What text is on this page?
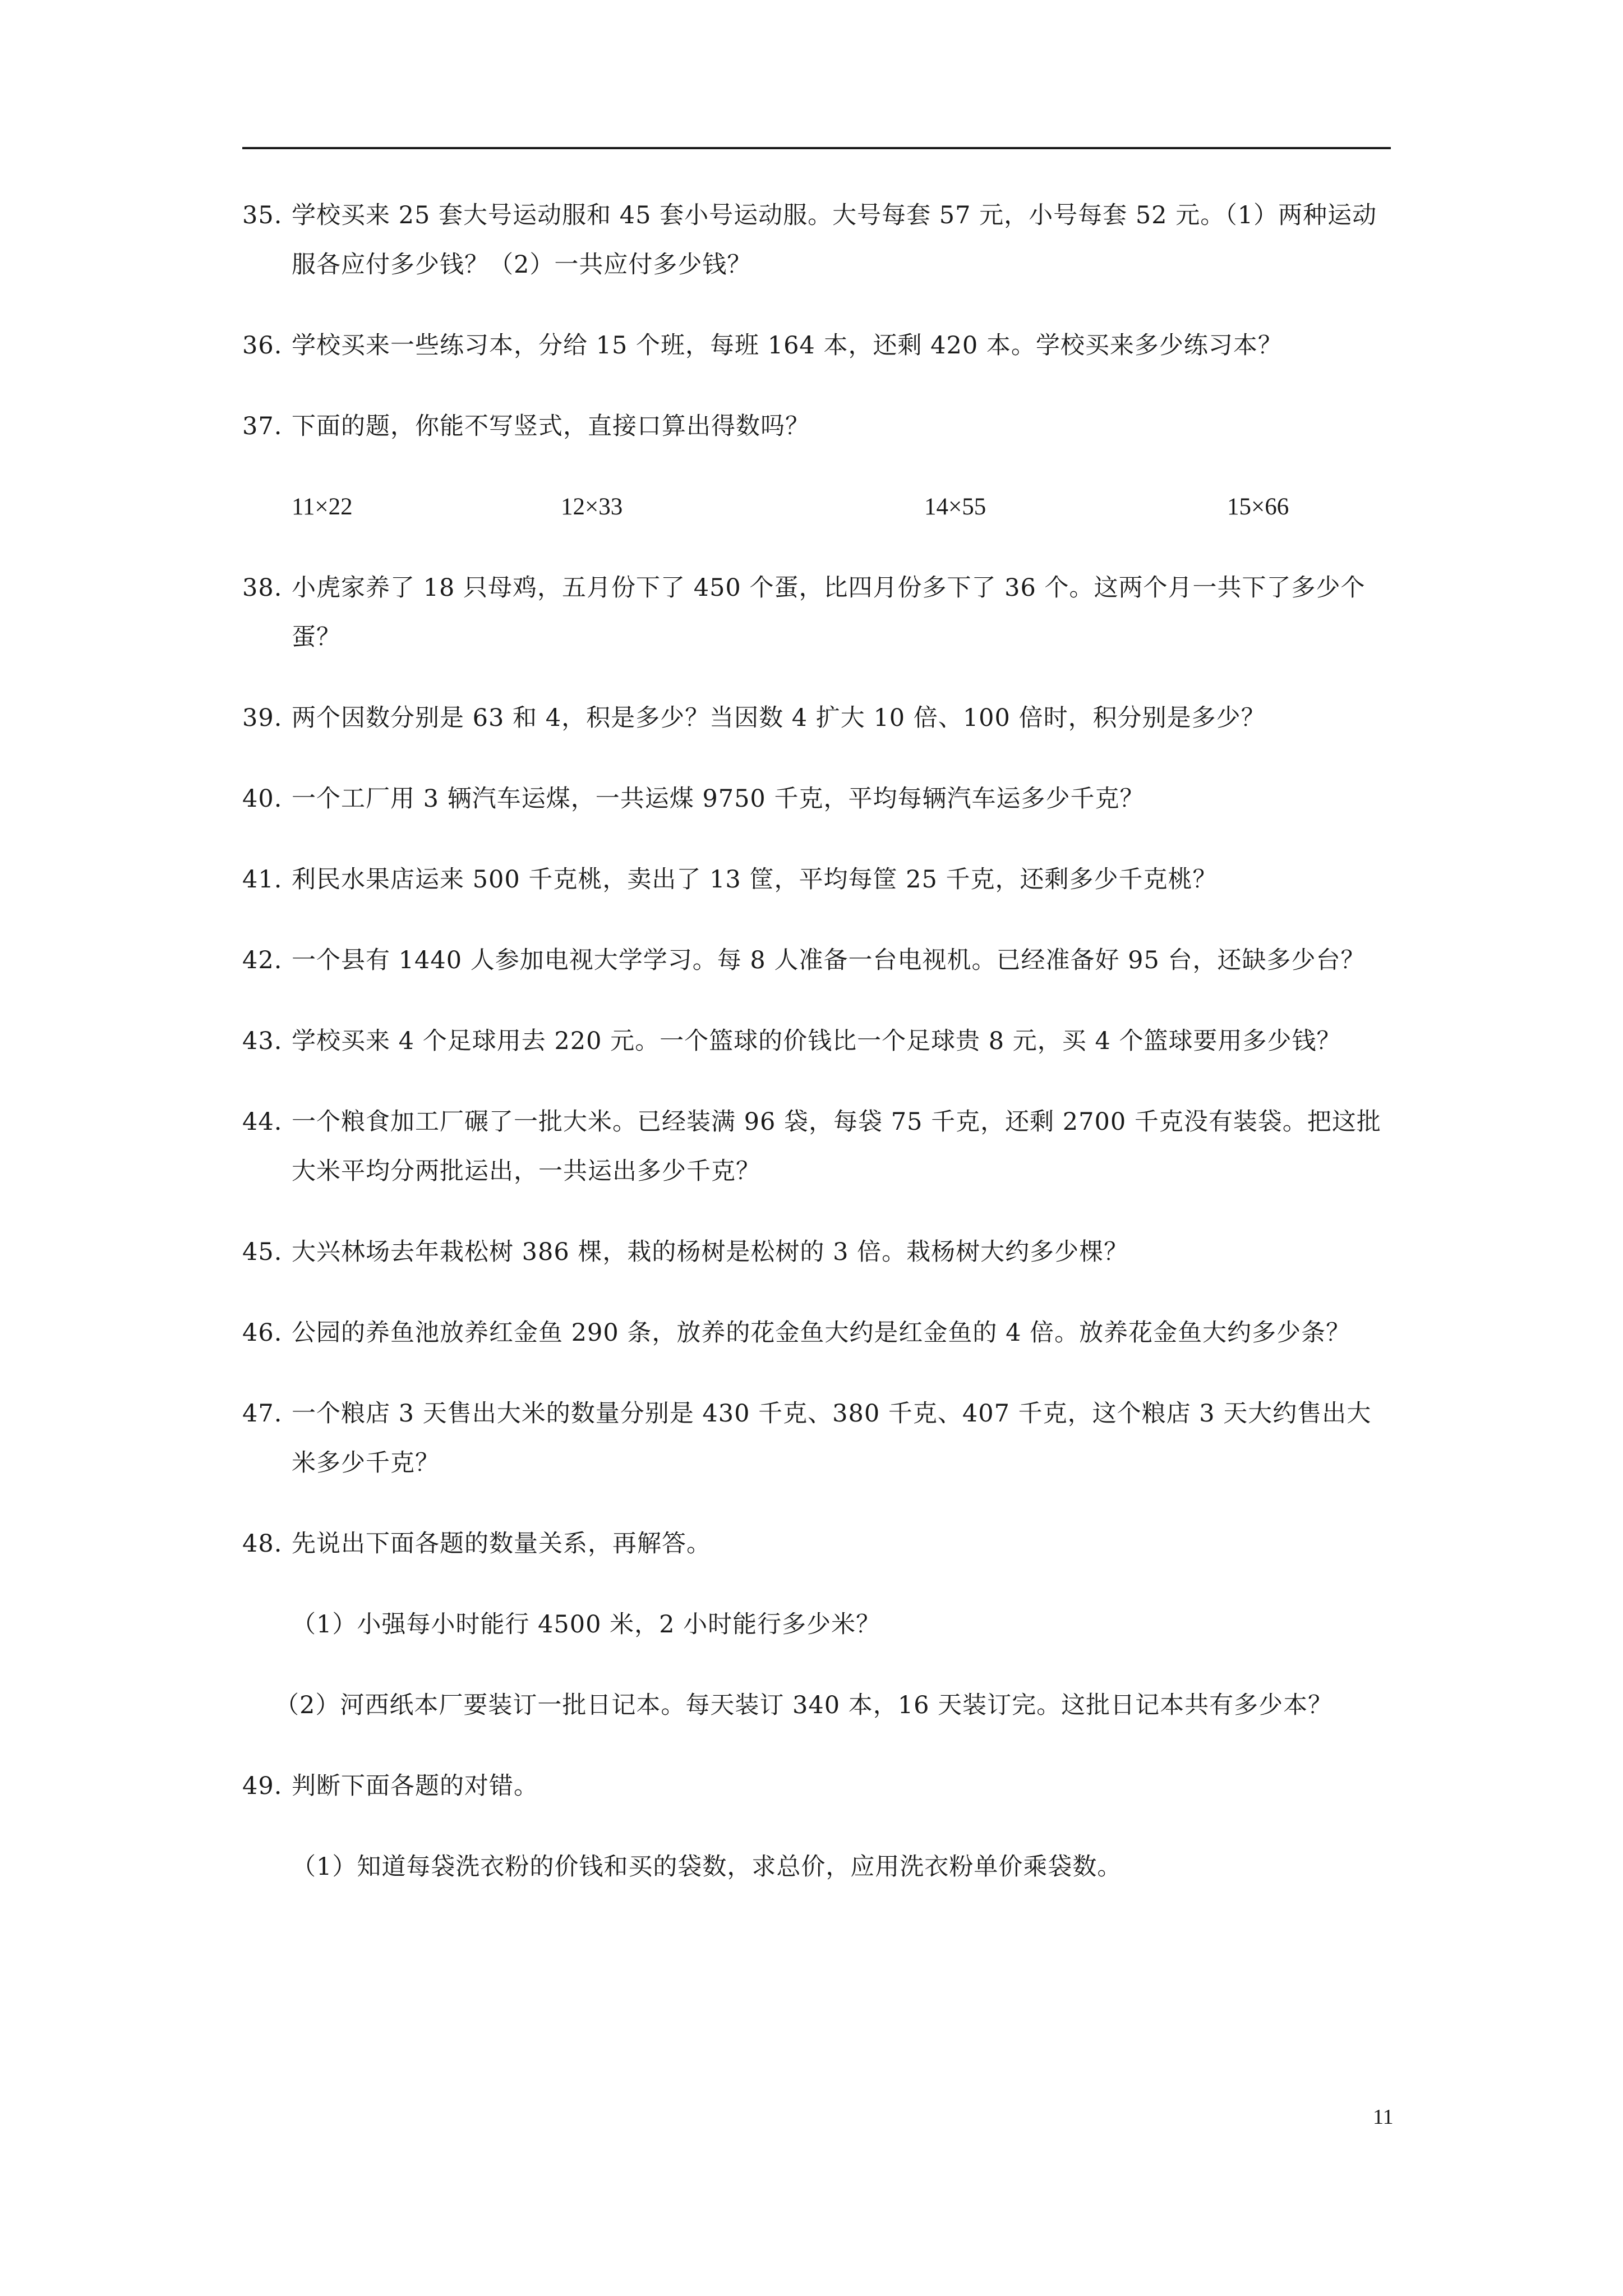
35. 学校买来 25 套大号运动服和 45 套小号运动服。大号每套 57 元，小号每套 52 元。（1）两种运动服各应付多少钱？（2）一共应付多少钱？
36. 学校买来一些练习本，分给 15 个班，每班 164 本，还剩 420 本。学校买来多少练习本？
37. 下面的题，你能不写竖式，直接口算出得数吗？
11×22	12×33	14×55	15×66
38. 小虎家养了 18 只母鸡，五月份下了 450 个蛋，比四月份多下了 36 个。这两个月一共下了多少个蛋？
39. 两个因数分别是 63 和 4，积是多少？当因数 4 扩大 10 倍、100 倍时，积分别是多少？
40. 一个工厂用 3 辆汽车运煤，一共运煤 9750 千克，平均每辆汽车运多少千克？
41. 利民水果店运来 500 千克桃，卖出了 13 筐，平均每筐 25 千克，还剩多少千克桃？
42. 一个县有 1440 人参加电视大学学习。每 8 人准备一台电视机。已经准备好 95 台，还缺多少台？
43. 学校买来 4 个足球用去 220 元。一个篮球的价钱比一个足球贵 8 元，买 4 个篮球要用多少钱？
44. 一个粮食加工厂碾了一批大米。已经装满 96 袋，每袋 75 千克，还剩 2700 千克没有装袋。把这批大米平均分两批运出，一共运出多少千克？
45. 大兴林场去年栽松树 386 棵，栽的杨树是松树的 3 倍。栽杨树大约多少棵？
46. 公园的养鱼池放养红金鱼 290 条，放养的花金鱼大约是红金鱼的 4 倍。放养花金鱼大约多少条？
47. 一个粮店 3 天售出大米的数量分别是 430 千克、380 千克、407 千克，这个粮店 3 天大约售出大米多少千克？
48. 先说出下面各题的数量关系，再解答。
（1）小强每小时能行 4500 米，2 小时能行多少米？
（2）河西纸本厂要装订一批日记本。每天装订 340 本，16 天装订完。这批日记本共有多少本？
49. 判断下面各题的对错。
（1）知道每袋洗衣粉的价钱和买的袋数，求总价，应用洗衣粉单价乘袋数。
11
